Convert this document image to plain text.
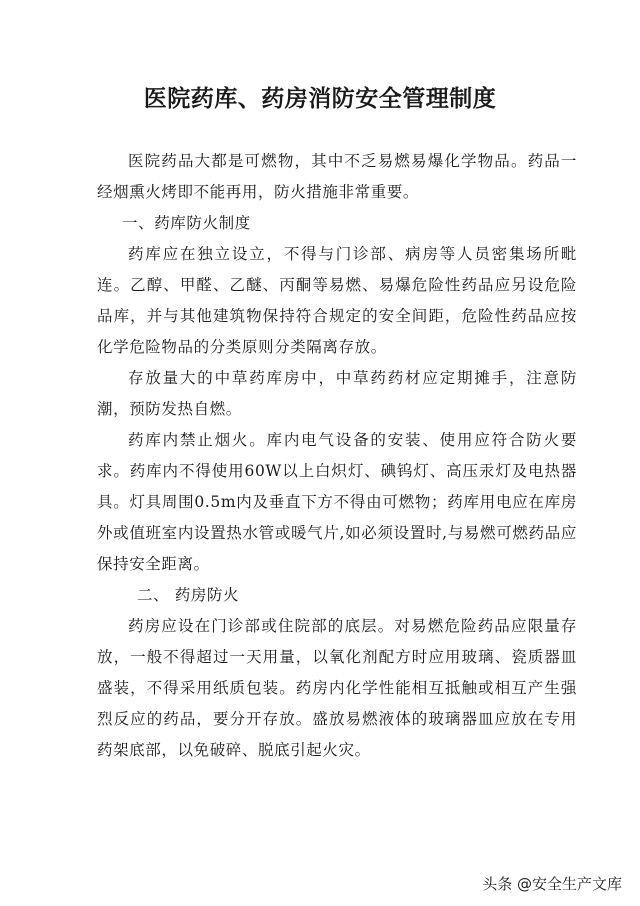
医院药库、药房消防安全管理制度

医院药品大都是可燃物，其中不乏易燃易爆化学物品。药品一经烟熏火烤即不能再用，防火措施非常重要。

一、药库防火制度

药库应在独立设立，不得与门诊部、病房等人员密集场所毗连。乙醇、甲醛、乙醚、丙酮等易燃、易爆危险性药品应另设危险品库，并与其他建筑物保持符合规定的安全间距，危险性药品应按化学危险物品的分类原则分类隔离存放。

存放量大的中草药库房中，中草药药材应定期摊手，注意防潮，预防发热自燃。

药库内禁止烟火。库内电气设备的安装、使用应符合防火要求。药库内不得使用60W以上白炽灯、碘钨灯、高压汞灯及电热器具。灯具周围0.5m内及垂直下方不得由可燃物；药库用电应在库房外或值班室内设置热水管或暖气片,如必须设置时,与易燃可燃药品应保持安全距离。

二、 药房防火

药房应设在门诊部或住院部的底层。对易燃危险药品应限量存放，一般不得超过一天用量，以氧化剂配方时应用玻璃、瓷质器皿盛装，不得采用纸质包装。药房内化学性能相互抵触或相互产生强烈反应的药品，要分开存放。盛放易燃液体的玻璃器皿应放在专用药架底部，以免破碎、脱底引起火灾。

头条 @安全生产文库
